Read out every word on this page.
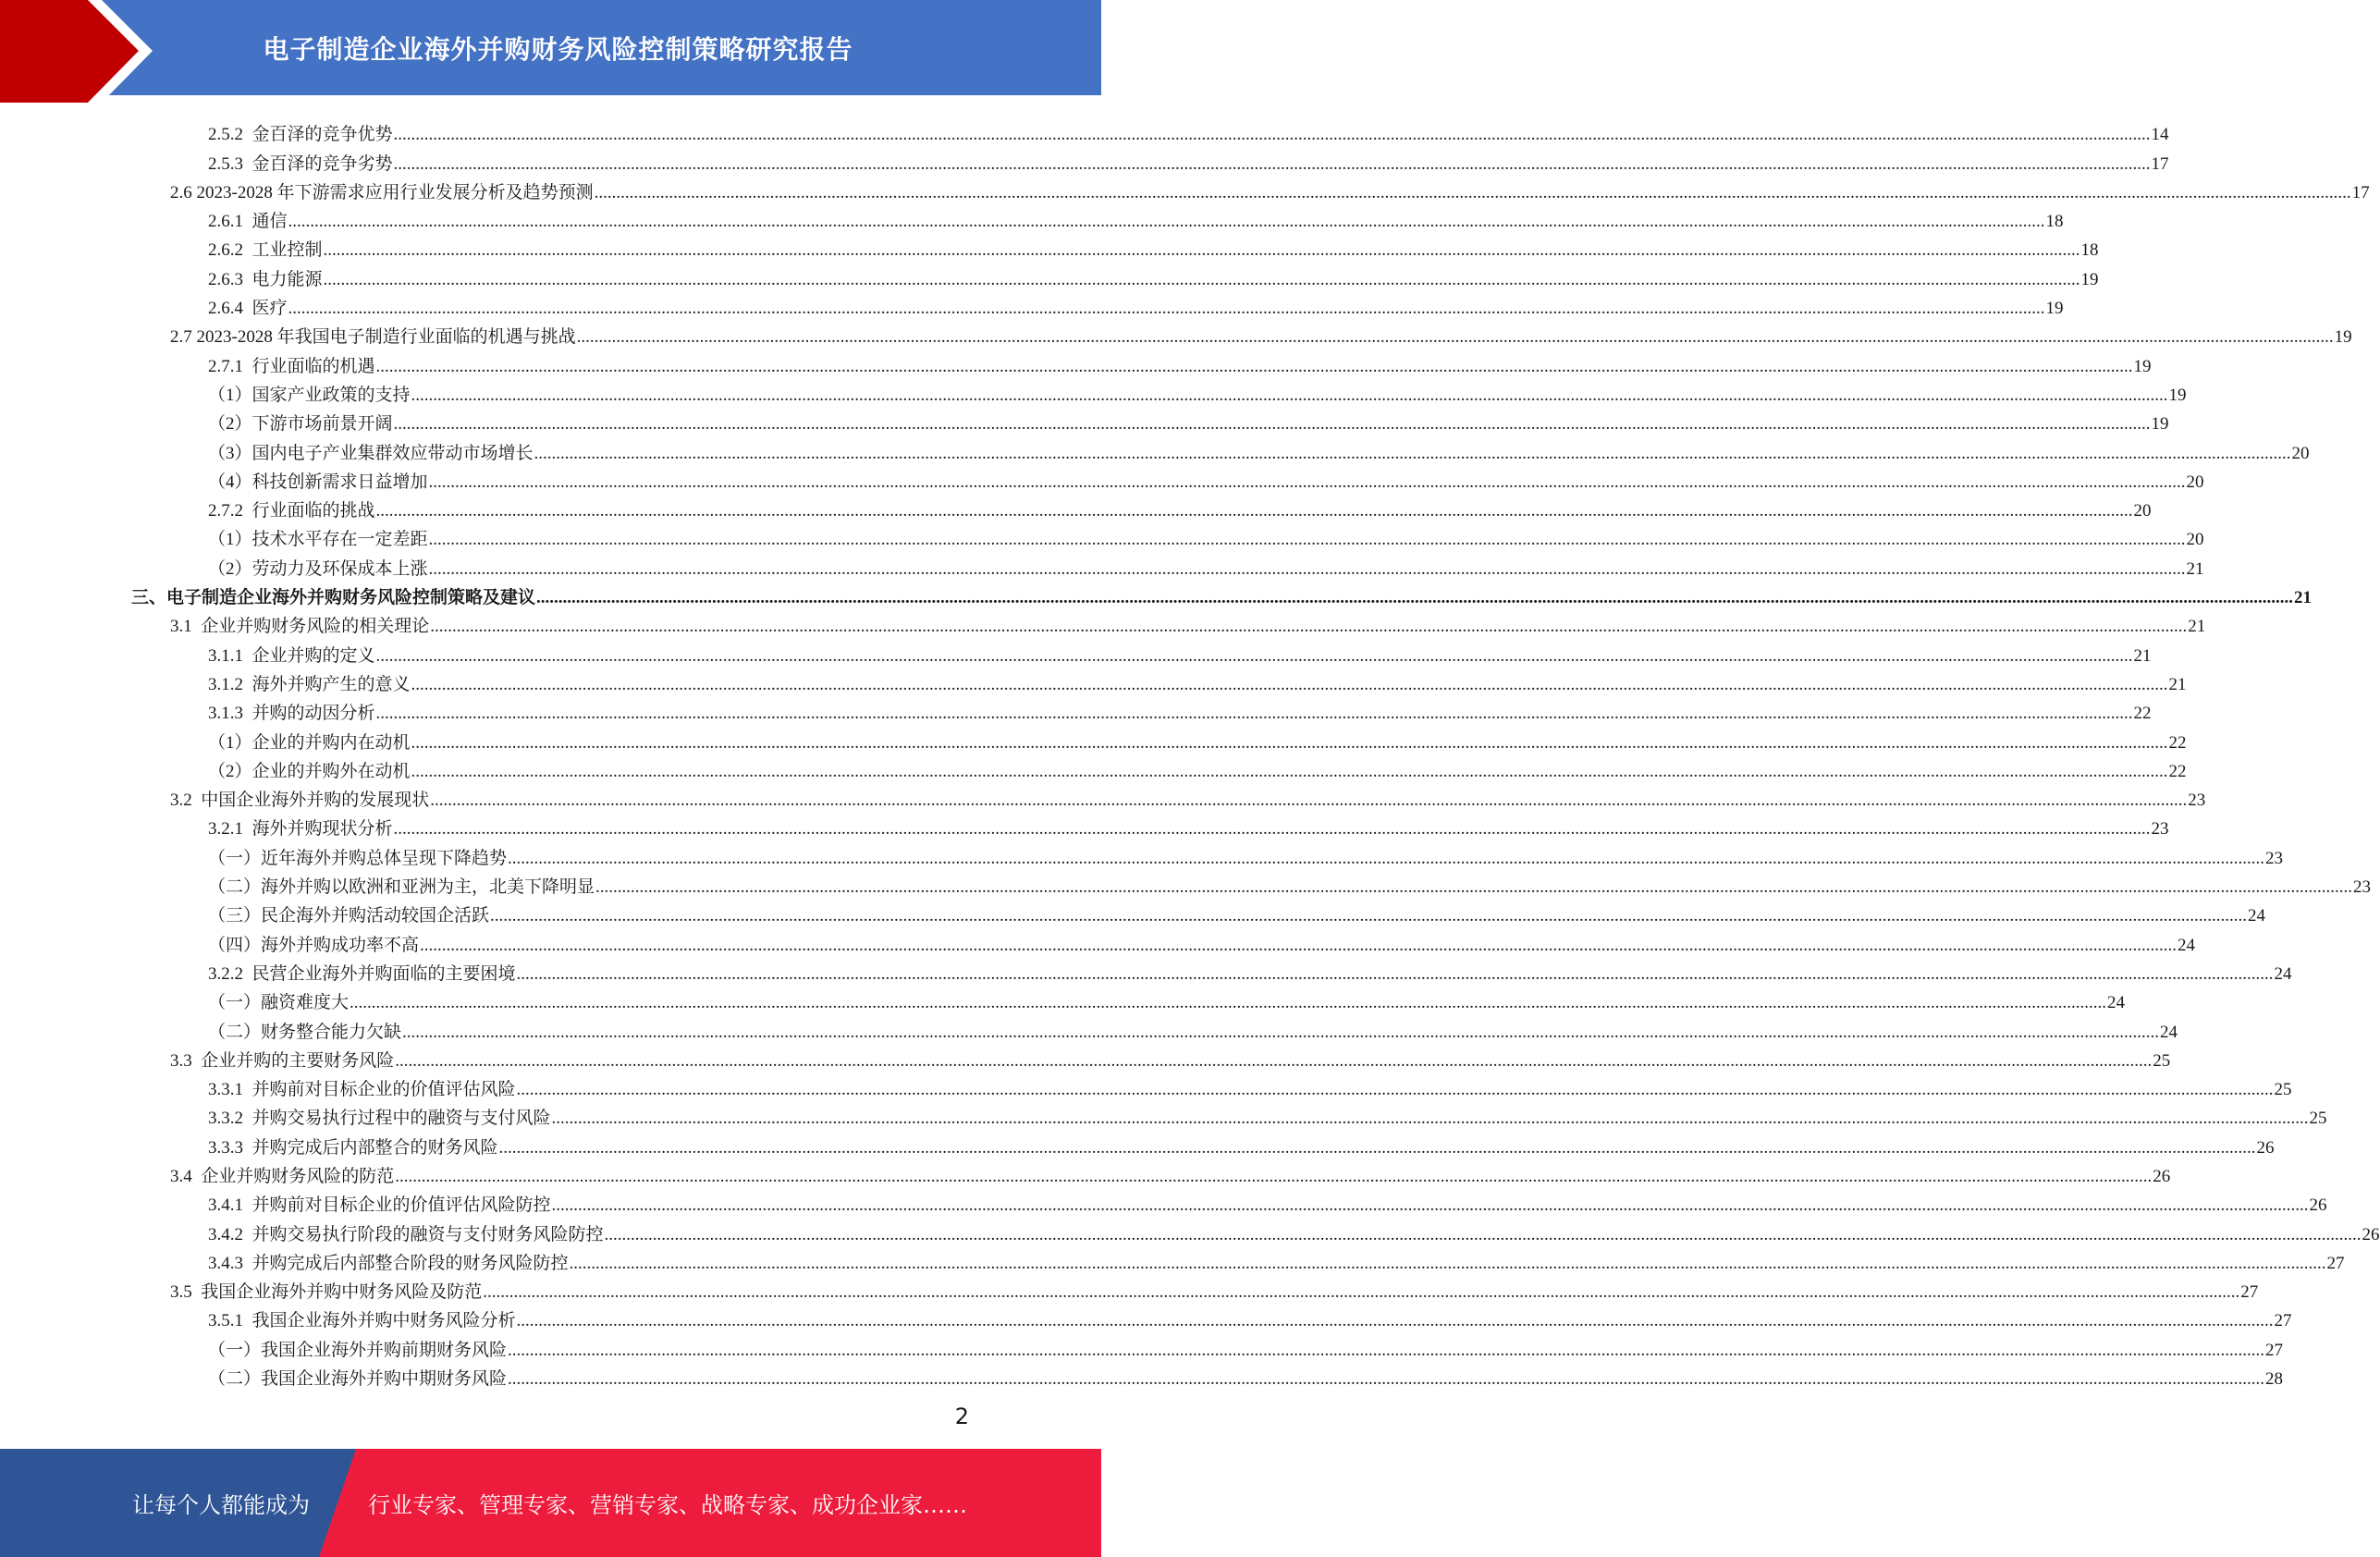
电子制造企业海外并购财务风险控制策略研究报告
2.5.2  金百泽的竞争优势 ................................................................................................................................................................................................................................................................................................................................................................................................................ 14
2.5.3  金百泽的竞争劣势 ................................................................................................................................................................................................................................................................................................................................................................................................................ 17
2.6 2023-2028 年下游需求应用行业发展分析及趋势预测 ................................................................................................................................................................................................................................................................................................................................................................................................................ 17
2.6.1  通信 ................................................................................................................................................................................................................................................................................................................................................................................................................ 18
2.6.2  工业控制 ................................................................................................................................................................................................................................................................................................................................................................................................................ 18
2.6.3  电力能源 ................................................................................................................................................................................................................................................................................................................................................................................................................ 19
2.6.4  医疗 ................................................................................................................................................................................................................................................................................................................................................................................................................ 19
2.7 2023-2028 年我国电子制造行业面临的机遇与挑战 ................................................................................................................................................................................................................................................................................................................................................................................................................ 19
2.7.1  行业面临的机遇 ................................................................................................................................................................................................................................................................................................................................................................................................................ 19
（1）国家产业政策的支持 ................................................................................................................................................................................................................................................................................................................................................................................................................ 19
（2）下游市场前景开阔 ................................................................................................................................................................................................................................................................................................................................................................................................................ 19
（3）国内电子产业集群效应带动市场增长 ................................................................................................................................................................................................................................................................................................................................................................................................................ 20
（4）科技创新需求日益增加 ................................................................................................................................................................................................................................................................................................................................................................................................................ 20
2.7.2  行业面临的挑战 ................................................................................................................................................................................................................................................................................................................................................................................................................ 20
（1）技术水平存在一定差距 ................................................................................................................................................................................................................................................................................................................................................................................................................ 20
（2）劳动力及环保成本上涨 ................................................................................................................................................................................................................................................................................................................................................................................................................ 21
三、电子制造企业海外并购财务风险控制策略及建议 ................................................................................................................................................................................................................................................................................................................................................................................................................ 21
3.1  企业并购财务风险的相关理论 ................................................................................................................................................................................................................................................................................................................................................................................................................ 21
3.1.1  企业并购的定义 ................................................................................................................................................................................................................................................................................................................................................................................................................ 21
3.1.2  海外并购产生的意义 ................................................................................................................................................................................................................................................................................................................................................................................................................ 21
3.1.3  并购的动因分析 ................................................................................................................................................................................................................................................................................................................................................................................................................ 22
（1）企业的并购内在动机 ................................................................................................................................................................................................................................................................................................................................................................................................................ 22
（2）企业的并购外在动机 ................................................................................................................................................................................................................................................................................................................................................................................................................ 22
3.2  中国企业海外并购的发展现状 ................................................................................................................................................................................................................................................................................................................................................................................................................ 23
3.2.1  海外并购现状分析 ................................................................................................................................................................................................................................................................................................................................................................................................................ 23
（一）近年海外并购总体呈现下降趋势 ................................................................................................................................................................................................................................................................................................................................................................................................................ 23
（二）海外并购以欧洲和亚洲为主，北美下降明显 ................................................................................................................................................................................................................................................................................................................................................................................................................ 23
（三）民企海外并购活动较国企活跃 ................................................................................................................................................................................................................................................................................................................................................................................................................ 24
（四）海外并购成功率不高 ................................................................................................................................................................................................................................................................................................................................................................................................................ 24
3.2.2  民营企业海外并购面临的主要困境 ................................................................................................................................................................................................................................................................................................................................................................................................................ 24
（一）融资难度大 ................................................................................................................................................................................................................................................................................................................................................................................................................ 24
（二）财务整合能力欠缺 ................................................................................................................................................................................................................................................................................................................................................................................................................ 24
3.3  企业并购的主要财务风险 ................................................................................................................................................................................................................................................................................................................................................................................................................ 25
3.3.1  并购前对目标企业的价值评估风险 ................................................................................................................................................................................................................................................................................................................................................................................................................ 25
3.3.2  并购交易执行过程中的融资与支付风险 ................................................................................................................................................................................................................................................................................................................................................................................................................ 25
3.3.3  并购完成后内部整合的财务风险 ................................................................................................................................................................................................................................................................................................................................................................................................................ 26
3.4  企业并购财务风险的防范 ................................................................................................................................................................................................................................................................................................................................................................................................................ 26
3.4.1  并购前对目标企业的价值评估风险防控 ................................................................................................................................................................................................................................................................................................................................................................................................................ 26
3.4.2  并购交易执行阶段的融资与支付财务风险防控 ................................................................................................................................................................................................................................................................................................................................................................................................................ 26
3.4.3  并购完成后内部整合阶段的财务风险防控 ................................................................................................................................................................................................................................................................................................................................................................................................................ 27
3.5  我国企业海外并购中财务风险及防范 ................................................................................................................................................................................................................................................................................................................................................................................................................ 27
3.5.1  我国企业海外并购中财务风险分析 ................................................................................................................................................................................................................................................................................................................................................................................................................ 27
（一）我国企业海外并购前期财务风险 ................................................................................................................................................................................................................................................................................................................................................................................................................ 27
（二）我国企业海外并购中期财务风险 ................................................................................................................................................................................................................................................................................................................................................................................................................ 28
2
让每个人都能成为	行业专家、管理专家、营销专家、战略专家、成功企业家……
